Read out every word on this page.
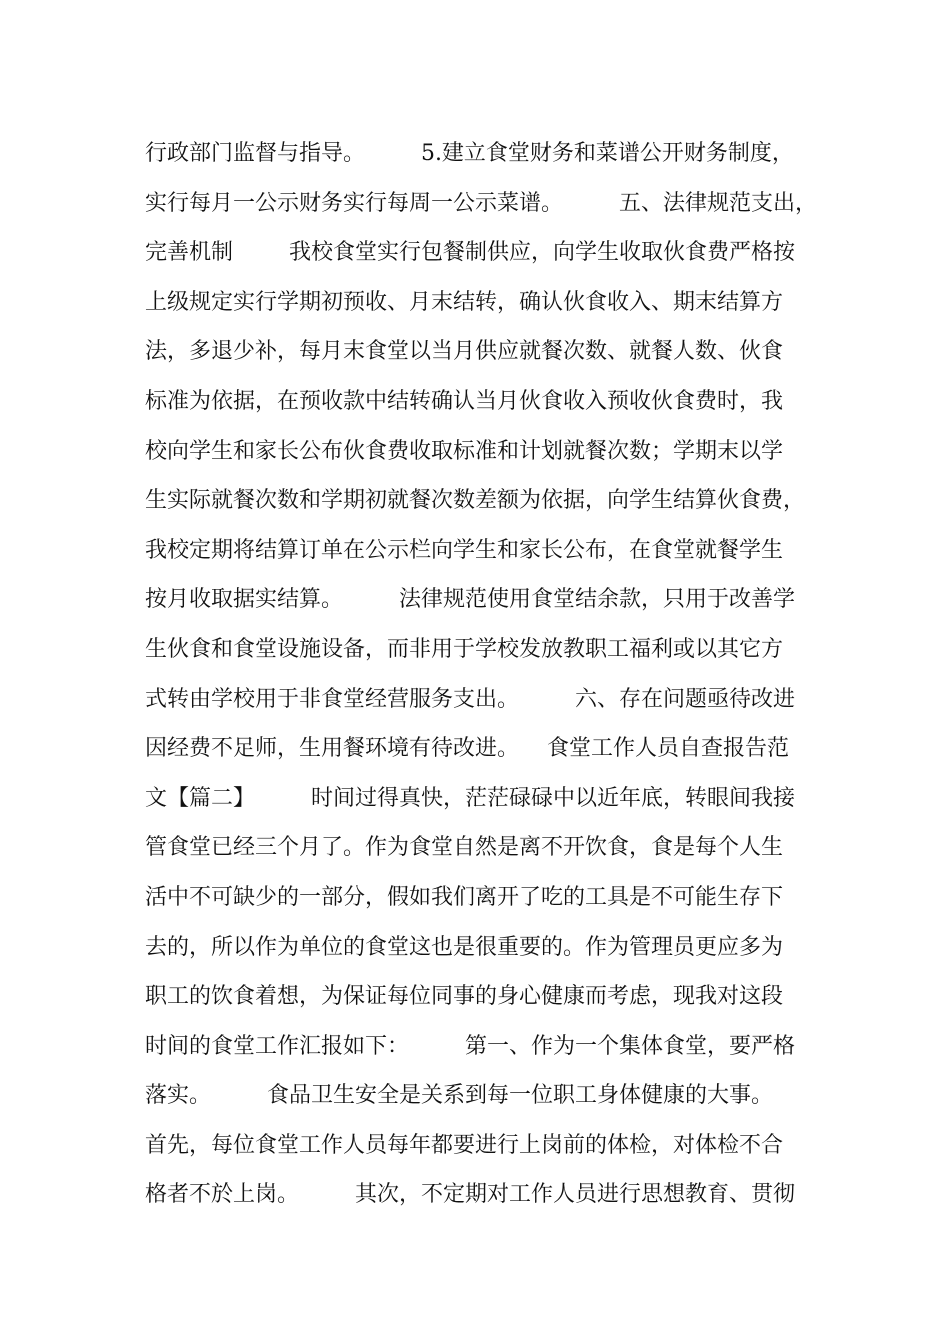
行政部门监督与指导。        5.建立食堂财务和菜谱公开财务制度，
实行每月一公示财务实行每周一公示菜谱。        五、法律规范支出，
完善机制        我校食堂实行包餐制供应，向学生收取伙食费严格按
上级规定实行学期初预收、月末结转，确认伙食收入、期末结算方
法，多退少补，每月末食堂以当月供应就餐次数、就餐人数、伙食
标准为依据，在预收款中结转确认当月伙食收入预收伙食费时，我
校向学生和家长公布伙食费收取标准和计划就餐次数；学期末以学
生实际就餐次数和学期初就餐次数差额为依据，向学生结算伙食费，
我校定期将结算订单在公示栏向学生和家长公布，在食堂就餐学生
按月收取据实结算。        法律规范使用食堂结余款，只用于改善学
生伙食和食堂设施设备，而非用于学校发放教职工福利或以其它方
式转由学校用于非食堂经营服务支出。        六、存在问题亟待改进
因经费不足师，生用餐环境有待改进。    食堂工作人员自查报告范
文【篇二】        时间过得真快，茫茫碌碌中以近年底，转眼间我接
管食堂已经三个月了。作为食堂自然是离不开饮食，食是每个人生
活中不可缺少的一部分，假如我们离开了吃的工具是不可能生存下
去的，所以作为单位的食堂这也是很重要的。作为管理员更应多为
职工的饮食着想，为保证每位同事的身心健康而考虑，现我对这段
时间的食堂工作汇报如下：        第一、作为一个集体食堂，要严格
落实。        食品卫生安全是关系到每一位职工身体健康的大事。
首先，每位食堂工作人员每年都要进行上岗前的体检，对体检不合
格者不於上岗。        其次，不定期对工作人员进行思想教育、贯彻
